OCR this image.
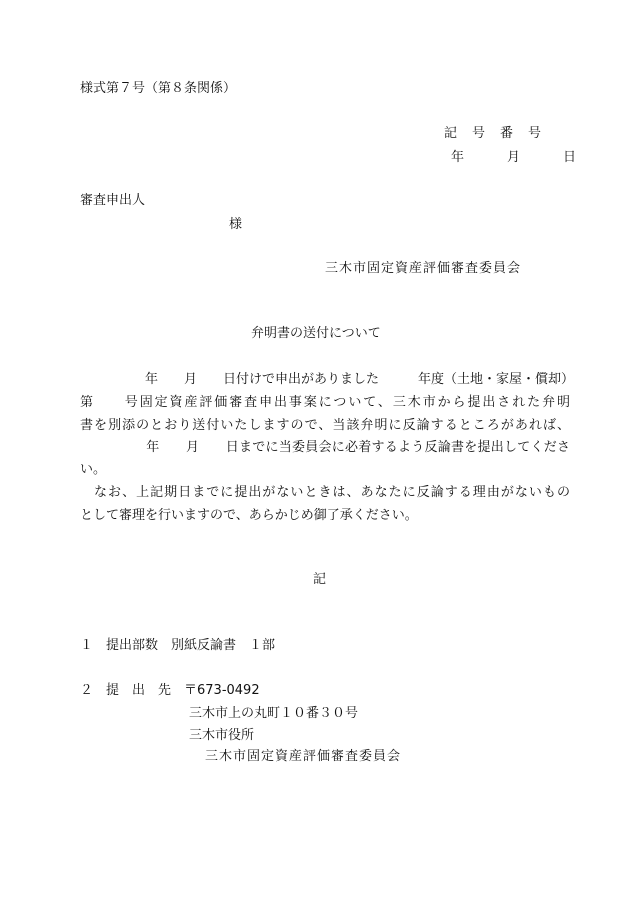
様式第７号（第８条関係）
記　号　番　号
年　　　月　　　日
審査申出人
様
三木市固定資産評価審査委員会
弁明書の送付について
　　　　　年　　月　　日付けで申出がありました　　　年度（土地・家屋・償却）
第　　号固定資産評価審査申出事案について、三木市から提出された弁明
書を別添のとおり送付いたしますので、当該弁明に反論するところがあれば、
　　　　　年　　月　　日までに当委員会に必着するよう反論書を提出してくださ
い。
　なお、上記期日までに提出がないときは、あなたに反論する理由がないもの
として審理を行いますので、あらかじめ御了承ください。
記
１　提出部数　別紙反論書　１部
２　提　出　先　〒673-0492
三木市上の丸町１０番３０号
三木市役所
三木市固定資産評価審査委員会
